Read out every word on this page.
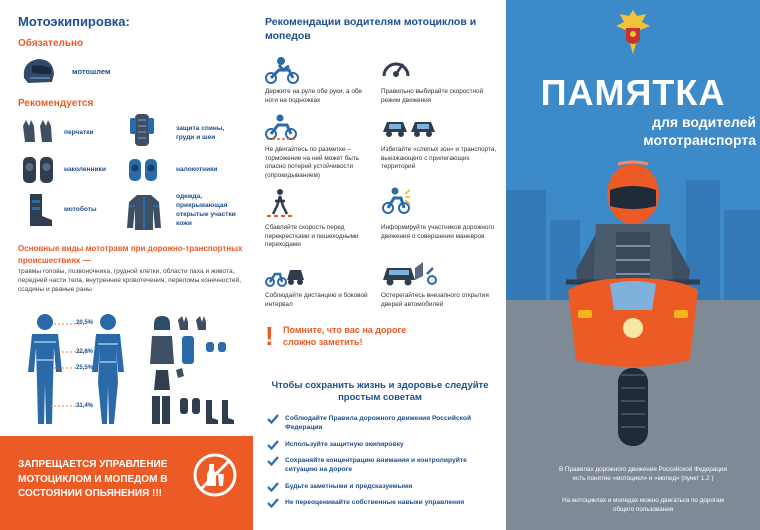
Мотоэкипировка:
Обязательно
мотошлем
Рекомендуется
перчатки
защита спины, груди и шеи
наколенники	налокотники
мотоботы
одежда, прикрывающая открытые участки кожи
Основные виды мототравм при дорожно-транспортных происшествиях —
травмы головы, позвоночника, грудной клетки, области паха и живота, передней части тела, внутренние кровотечения, переломы конечностей, ссадины и рваные раны
20,5%
22,6%
25,5%
31,4%
ЗАПРЕЩАЕТСЯ УПРАВЛЕНИЕ МОТОЦИКЛОМ И МОПЕДОМ В СОСТОЯНИИ ОПЬЯНЕНИЯ !!!
Рекомендации водителям мотоциклов и мопедов
Держите на руле обе руки, а обе ноги на подножках
Правильно выбирайте скоростной режим движения
Не двигайтесь по разметке – торможение на ней может быть опасно потерей устойчивости (опрокидыванием)
Избегайте «слепых зон» и транспорта, выезжающего с прилегающих территорий
Сбавляйте скорость перед перекрестками и пешеходными переходами
Информируйте участников дорожного движения о совершении маневров
Соблюдайте дистанцию и боковой интервал
Остерегайтесь внезапного открытия дверей автомобилей
!	Помните, что вас на дороге сложно заметить!
Чтобы сохранить жизнь и здоровье следуйте простым советам
Соблюдайте Правила дорожного движения Российской Федерации
Используйте защитную экипировку
Сохраняйте концентрацию внимания и контролируйте ситуацию на дороге
Будьте заметными и предсказуемыми
Не переоценивайте собственные навыки управления
ПАМЯТКА
для водителей мототранспорта
В Правилах дорожного движения Российской Федерации есть понятие «мотоцикл» и «мопед» (пункт 1.2 )
На мотоциклах и мопедах можно двигаться по дорогам общего пользования
